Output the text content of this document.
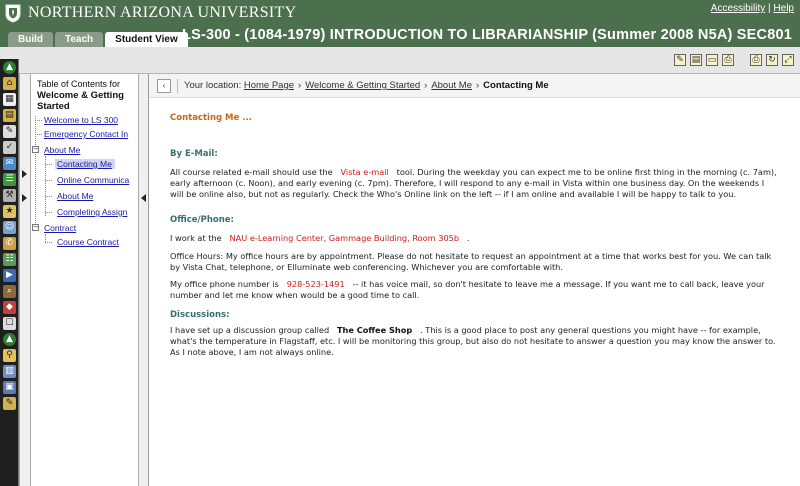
NORTHERN ARIZONA UNIVERSITY	Accessibility | Help
Build	Teach	Student View LS-300 - (1084-1979) INTRODUCTION TO LIBRARIANSHIP (Summer 2008 N5A) SEC801
✎ ▤ ▭ ⎙ ⎙ ↻ ⤢
▲
⌂
▦
▤
✎
✓
✉
☰
⚒
★
☺
✆
☷
▶
⌕
◆
☐
▲
⚲
▥
▣
✎
Table of Contents for
Welcome & Getting Started
Welcome to LS 300
Emergency Contact In
− About Me
Contacting Me
Online Communica
About Me
Completing Assign
− Contract
Course Contract
‹	Your location:
Home Page › Welcome & Getting Started › About Me › Contacting Me
Contacting Me ...
By E-Mail:
All course related e-mail should use the Vista e-mail tool. During the weekday you can expect me to be online first thing in the morning (c. 7am), early afternoon (c. Noon), and early evening (c. 7pm). Therefore, I will respond to any e-mail in Vista within one business day. On the weekends I will be online also, but not as regularly. Check the Who's Online link on the left -- if I am online and available I will be happy to talk to you.
Office/Phone:
I work at the NAU e-Learning Center, Gammage Building, Room 305b .
Office Hours: My office hours are by appointment. Please do not hesitate to request an appointment at a time that works best for you. We can talk by Vista Chat, telephone, or Elluminate web conferencing. Whichever you are comfortable with.
My office phone number is 928-523-1491 -- it has voice mail, so don't hesitate to leave me a message. If you want me to call back, leave your number and let me know when would be a good time to call.
Discussions:
I have set up a discussion group called The Coffee Shop . This is a good place to post any general questions you might have -- for example, what's the temperature in Flagstaff, etc. I will be monitoring this group, but also do not hesitate to answer a question you may know the answer to. As I note above, I am not always online.
